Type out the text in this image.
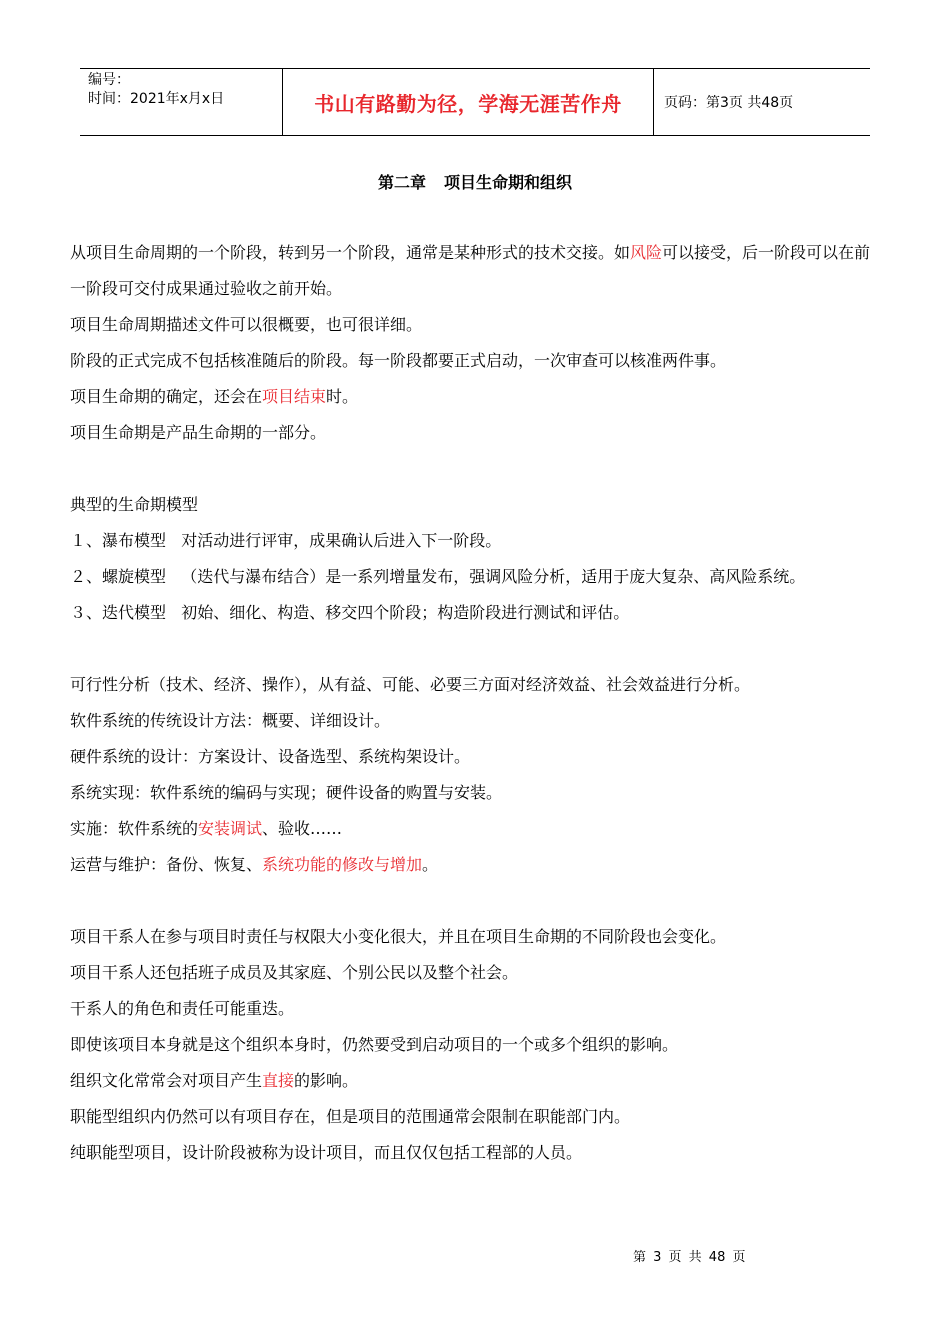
编号：
时间：2021年x月x日	书山有路勤为径，学海无涯苦作舟	页码：第3页 共48页
第二章 项目生命期和组织

从项目生命周期的一个阶段，转到另一个阶段，通常是某种形式的技术交接。如风险可以接受，后一阶段可以在前一阶段可交付成果通过验收之前开始。

项目生命周期描述文件可以很概要，也可很详细。

阶段的正式完成不包括核准随后的阶段。每一阶段都要正式启动，一次审查可以核准两件事。

项目生命期的确定，还会在项目结束时。

项目生命期是产品生命期的一部分。

典型的生命期模型

１、瀑布模型   对活动进行评审，成果确认后进入下一阶段。

２、螺旋模型   （迭代与瀑布结合）是一系列增量发布，强调风险分析，适用于庞大复杂、高风险系统。

３、迭代模型   初始、细化、构造、移交四个阶段；构造阶段进行测试和评估。

可行性分析（技术、经济、操作），从有益、可能、必要三方面对经济效益、社会效益进行分析。

软件系统的传统设计方法：概要、详细设计。

硬件系统的设计：方案设计、设备选型、系统构架设计。

系统实现：软件系统的编码与实现；硬件设备的购置与安装。

实施：软件系统的安装调试、验收……

运营与维护：备份、恢复、系统功能的修改与增加。

项目干系人在参与项目时责任与权限大小变化很大，并且在项目生命期的不同阶段也会变化。

项目干系人还包括班子成员及其家庭、个别公民以及整个社会。

干系人的角色和责任可能重迭。

即使该项目本身就是这个组织本身时，仍然要受到启动项目的一个或多个组织的影响。

组织文化常常会对项目产生直接的影响。

职能型组织内仍然可以有项目存在，但是项目的范围通常会限制在职能部门内。

纯职能型项目，设计阶段被称为设计项目，而且仅仅包括工程部的人员。

第 3 页 共 48 页
